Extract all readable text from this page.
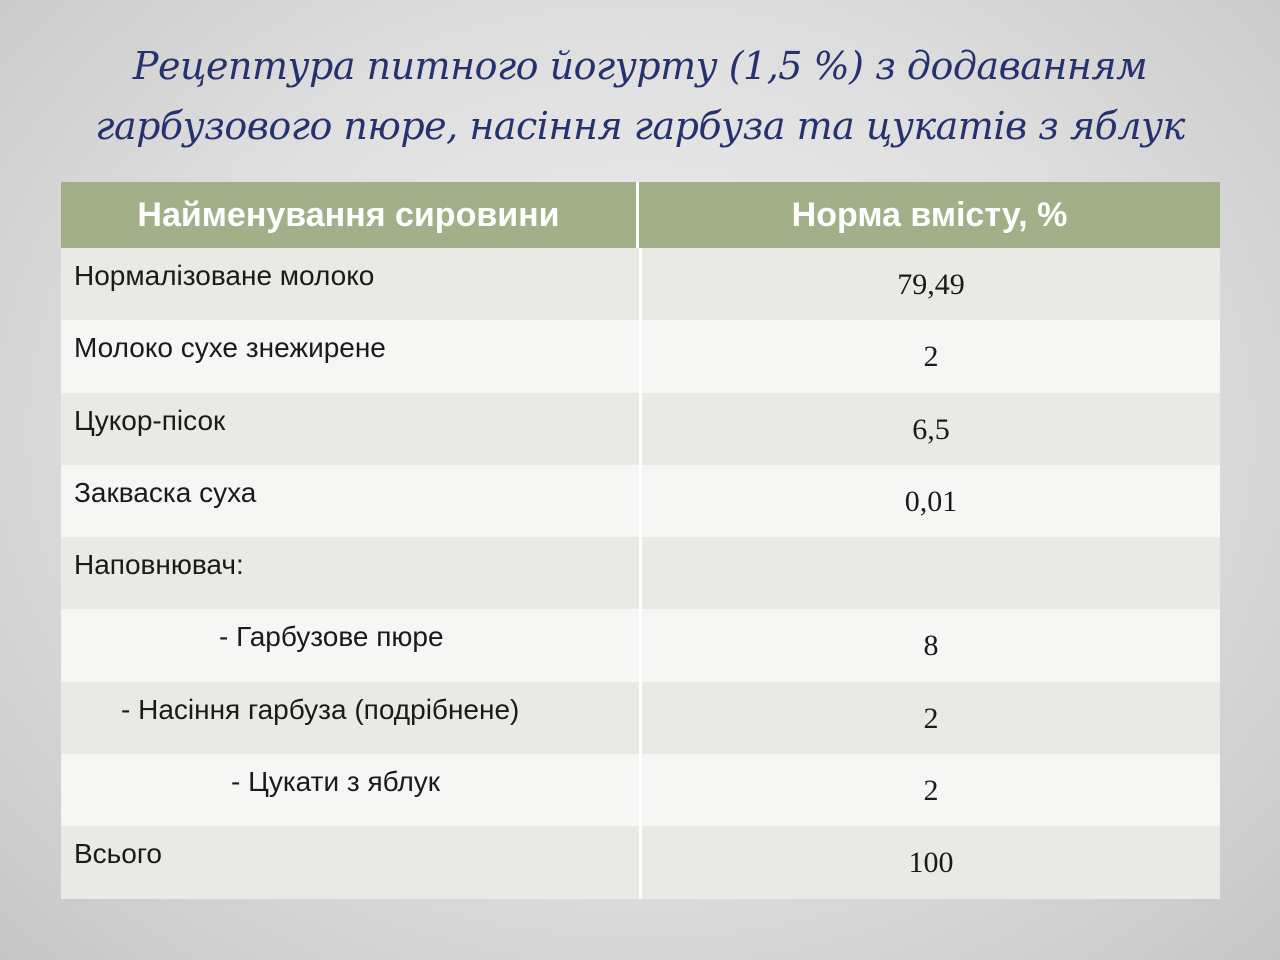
Рецептура питного йогурту (1,5 %) з додаванням
гарбузового пюре, насіння гарбуза та цукатів з яблук
Найменування сировини	Норма вмісту, %
Нормалізоване молоко	79,49
Молоко сухе знежирене	2
Цукор-пісок	6,5
Закваска суха	0,01
Наповнювач:
- Гарбузове пюре	8
- Насіння гарбуза (подрібнене)	2
- Цукати з яблук	2
Всього	100
